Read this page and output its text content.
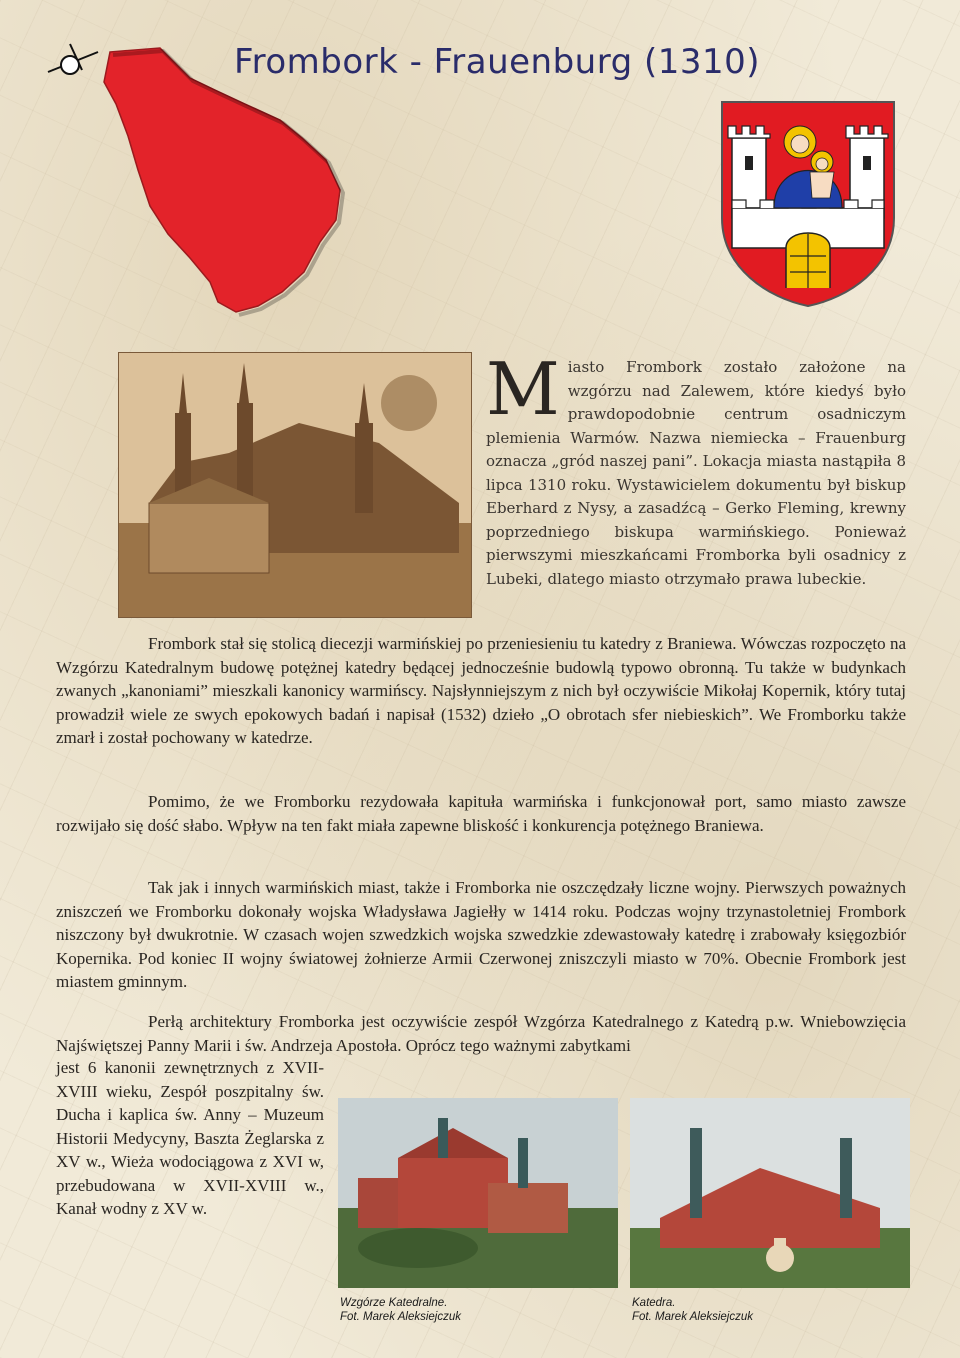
Frombork - Frauenburg (1310)

Miasto Frombork zostało założone na wzgórzu nad Zalewem, które kiedyś było prawdopodobnie centrum osadniczym plemienia Warmów. Nazwa niemiecka – Frauenburg oznacza „gród naszej pani”. Lokacja miasta nastąpiła 8 lipca 1310 roku. Wystawicielem dokumentu był biskup Eberhard z Nysy, a zasadźcą – Gerko Fleming, krewny poprzedniego biskupa warmińskiego. Ponieważ pierwszymi mieszkańcami Fromborka byli osadnicy z Lubeki, dlatego miasto otrzymało prawa lubeckie.

Frombork stał się stolicą diecezji warmińskiej po przeniesieniu tu katedry z Braniewa. Wówczas rozpoczęto na Wzgórzu Katedralnym budowę potężnej katedry będącej jednocześnie budowlą typowo obronną. Tu także w budynkach zwanych „kanoniami” mieszkali kanonicy warmińscy. Najsłynniejszym z nich był oczywiście Mikołaj Kopernik, który tutaj prowadził wiele ze swych epokowych badań i napisał (1532) dzieło „O obrotach sfer niebieskich”. We Fromborku także zmarł i został pochowany w katedrze.

Pomimo, że we Fromborku rezydowała kapituła warmińska i funkcjonował port, samo miasto zawsze rozwijało się dość słabo. Wpływ na ten fakt miała zapewne bliskość i konkurencja potężnego Braniewa.

Tak jak i innych warmińskich miast, także i Fromborka nie oszczędzały liczne wojny. Pierwszych poważnych zniszczeń we Fromborku dokonały wojska Władysława Jagiełły w 1414 roku. Podczas wojny trzynastoletniej Frombork niszczony był dwukrotnie. W czasach wojen szwedzkich wojska szwedzkie zdewastowały katedrę i zrabowały księgozbiór Kopernika. Pod koniec II wojny światowej żołnierze Armii Czerwonej zniszczyli miasto w 70%. Obecnie Frombork jest miastem gminnym.

Perłą architektury Fromborka jest oczywiście zespół Wzgórza Katedralnego z Katedrą p.w. Wniebowzięcia Najświętszej Panny Marii i św. Andrzeja Apostoła. Oprócz tego ważnymi zabytkami

jest 6 kanonii zewnętrznych z XVII-XVIII wieku, Zespół poszpitalny św. Ducha i kaplica św. Anny – Muzeum Historii Medycyny, Baszta Żeglarska z XV w., Wieża wodociągowa z XVI w, przebudowana w XVII-XVIII w., Kanał wodny z XV w.

Wzgórze Katedralne.
Fot. Marek Aleksiejczuk
Katedra.
Fot. Marek Aleksiejczuk
